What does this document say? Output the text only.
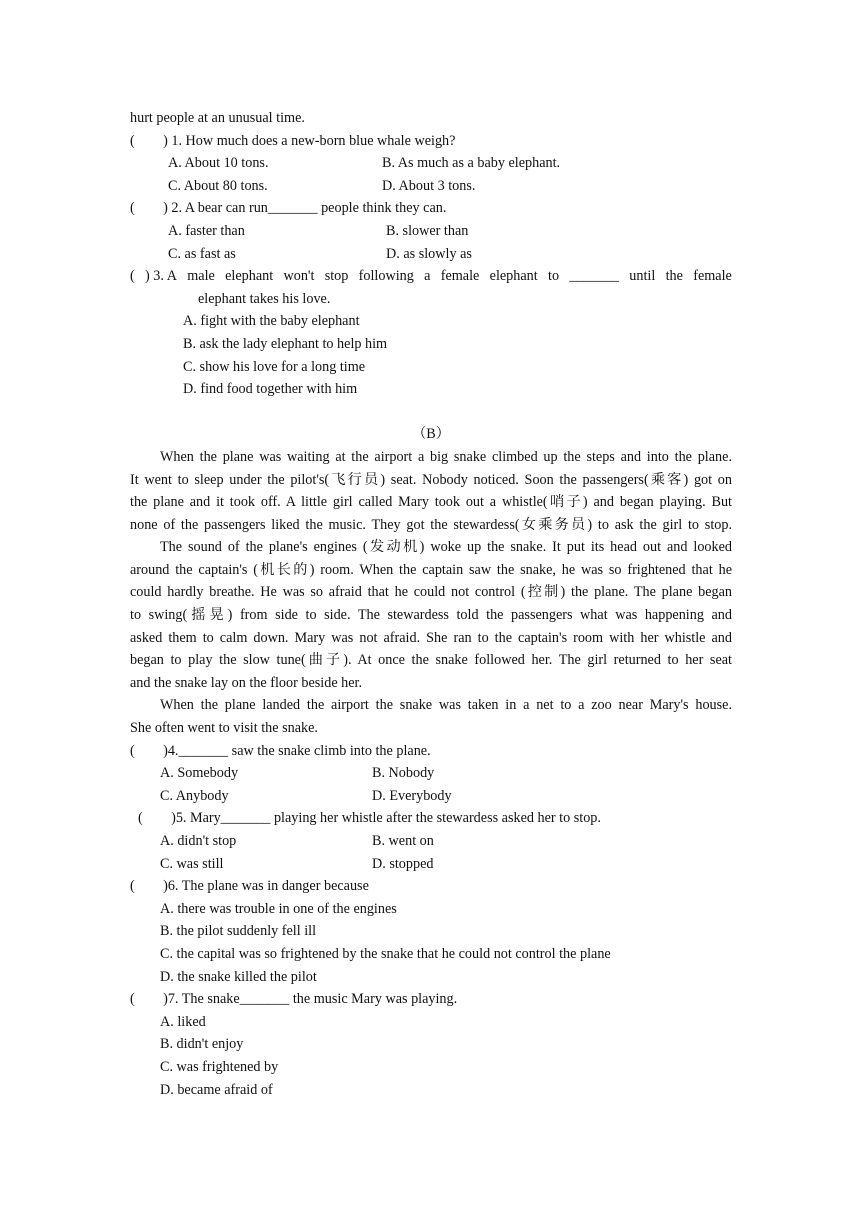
hurt people at an unusual time.
(        ) 1. How much does a new-born blue whale weigh?
A. About 10 tons.	B. As much as a baby elephant.
C. About 80 tons.	D. About 3 tons.
(        ) 2. A bear can run_______ people think they can.
A. faster than	B. slower than
C. as fast as	D. as slowly as
( ) 3. A male elephant won't stop following a female elephant to _______ until the female
elephant takes his love.
A. fight with the baby elephant
B. ask the lady elephant to help him
C. show his love for a long time
D. find food together with him
（B）
When the plane was waiting at the airport a big snake climbed up the steps and into the plane.
It went to sleep under the pilot's(飞行员) seat. Nobody noticed. Soon the passengers(乘客) got on
the plane and it took off. A little girl called Mary took out a whistle(哨子) and began playing. But
none of the passengers liked the music. They got the stewardess(女乘务员) to ask the girl to stop.
The sound of the plane's engines (发动机) woke up the snake. It put its head out and looked
around the captain's (机长的) room. When the captain saw the snake, he was so frightened that he
could hardly breathe. He was so afraid that he could not control (控制) the plane. The plane began
to swing(摇晃) from side to side. The stewardess told the passengers what was happening and
asked them to calm down. Mary was not afraid. She ran to the captain's room with her whistle and
began to play the slow tune(曲子). At once the snake followed her. The girl returned to her seat
and the snake lay on the floor beside her.
When the plane landed the airport the snake was taken in a net to a zoo near Mary's house.
She often went to visit the snake.
(        )4._______ saw the snake climb into the plane.
A. Somebody	B. Nobody
C. Anybody	D. Everybody
(        )5. Mary_______ playing her whistle after the stewardess asked her to stop.
A. didn't stop	B. went on
C. was still	D. stopped
(        )6. The plane was in danger because
A. there was trouble in one of the engines
B. the pilot suddenly fell ill
C. the capital was so frightened by the snake that he could not control the plane
D. the snake killed the pilot
(        )7. The snake_______ the music Mary was playing.
A. liked
B. didn't enjoy
C. was frightened by
D. became afraid of
